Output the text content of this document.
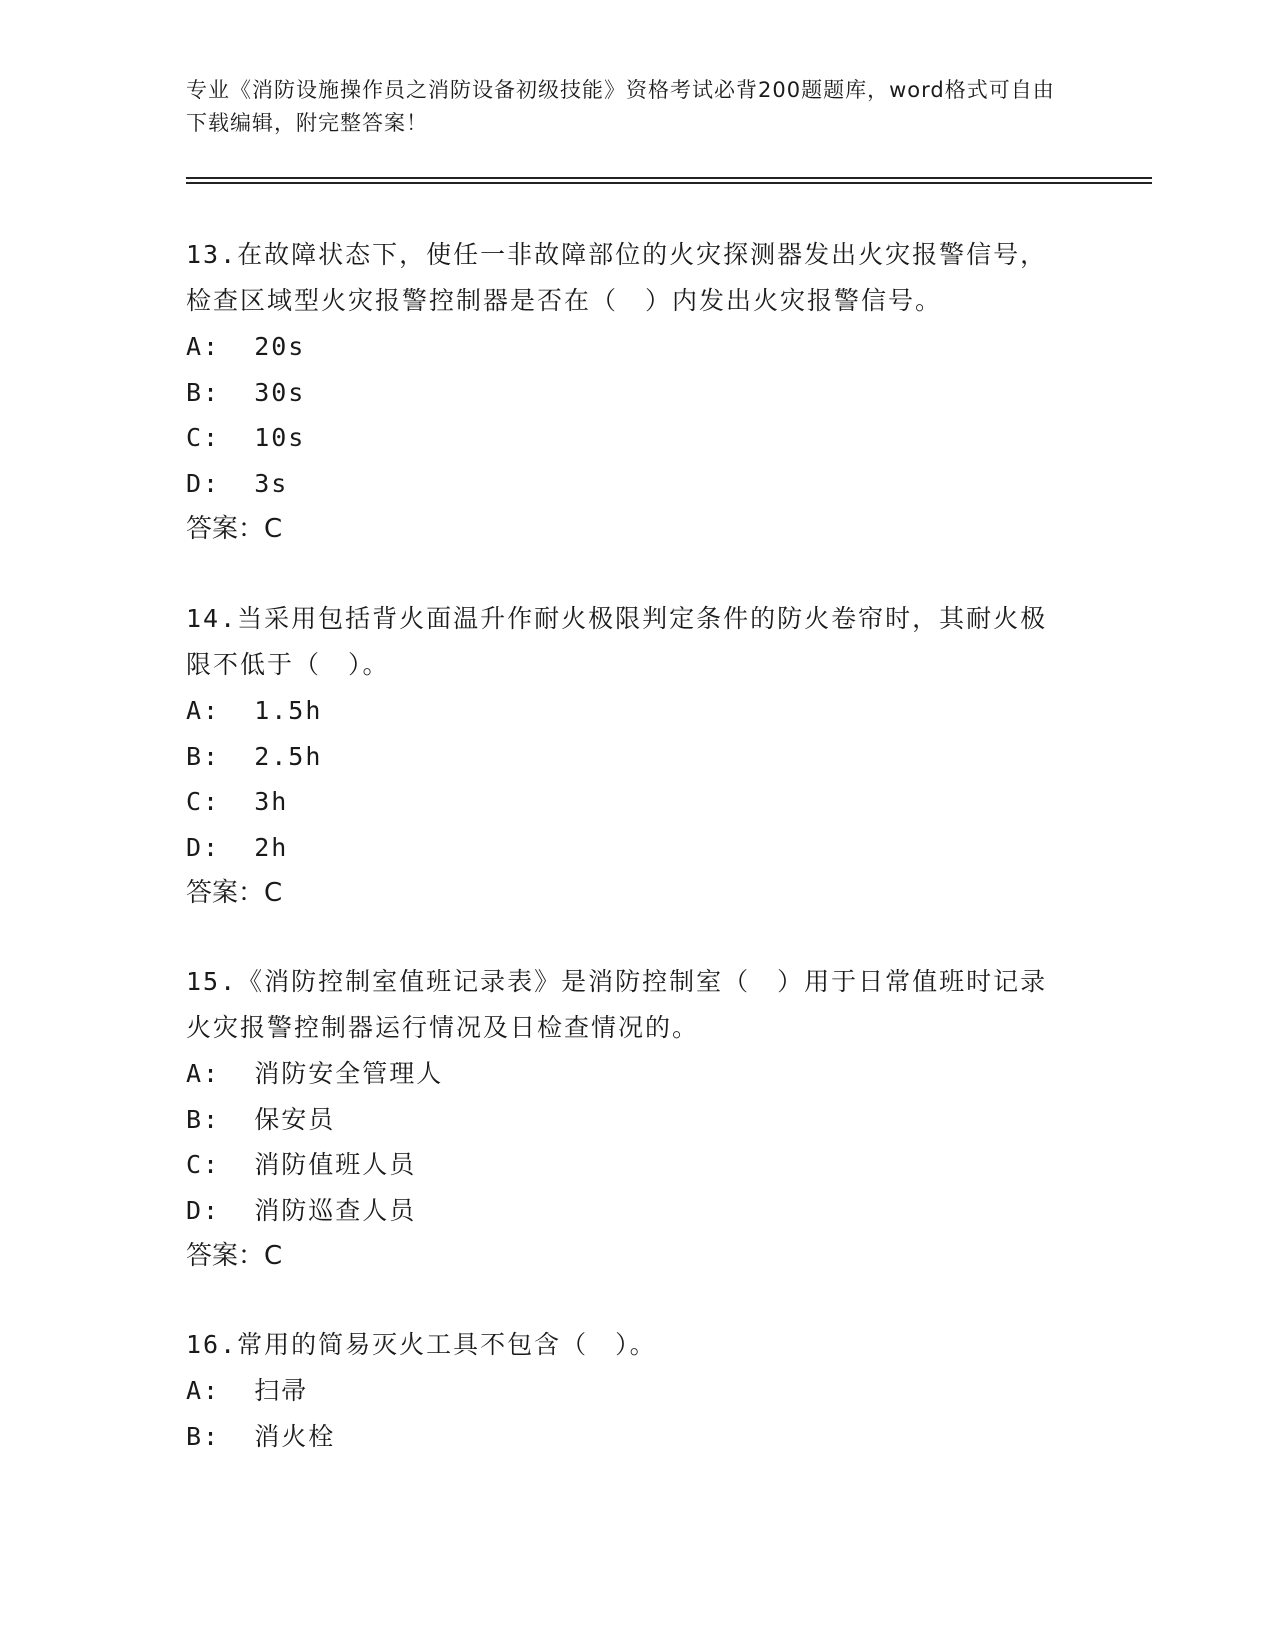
专业《消防设施操作员之消防设备初级技能》资格考试必背200题题库，word格式可自由下载编辑，附完整答案！

13.在故障状态下，使任一非故障部位的火灾探测器发出火灾报警信号，检查区域型火灾报警控制器是否在（　）内发出火灾报警信号。

A:  20s

B:  30s

C:  10s

D:  3s

答案：C

14.当采用包括背火面温升作耐火极限判定条件的防火卷帘时，其耐火极限不低于（　）。

A:  1.5h

B:  2.5h

C:  3h

D:  2h

答案：C

15.《消防控制室值班记录表》是消防控制室（　）用于日常值班时记录火灾报警控制器运行情况及日检查情况的。

A:  消防安全管理人

B:  保安员

C:  消防值班人员

D:  消防巡查人员

答案：C

16.常用的简易灭火工具不包含（　）。

A:  扫帚

B:  消火栓
